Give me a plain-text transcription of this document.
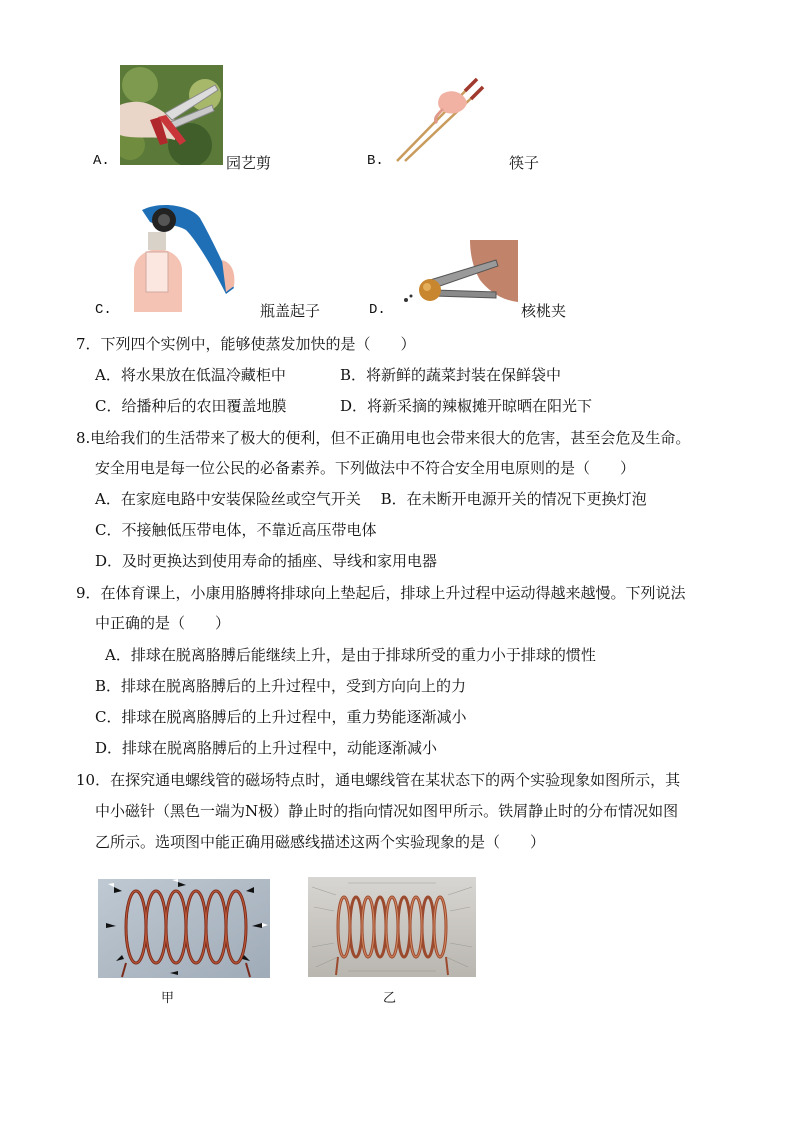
A.	园艺剪	B.	筷子
C.	瓶盖起子	D.	核桃夹
7．下列四个实例中，能够使蒸发加快的是（　　）
A．将水果放在低温冷藏柜中	B．将新鲜的蔬菜封装在保鲜袋中
C．给播种后的农田覆盖地膜	D．将新采摘的辣椒摊开晾晒在阳光下
8.电给我们的生活带来了极大的便利，但不正确用电也会带来很大的危害，甚至会危及生命。
安全用电是每一位公民的必备素养。下列做法中不符合安全用电原则的是（　　）
A．在家庭电路中安装保险丝或空气开关　 B．在未断开电源开关的情况下更换灯泡
C．不接触低压带电体，不靠近高压带电体
D．及时更换达到使用寿命的插座、导线和家用电器
9．在体育课上，小康用胳膊将排球向上垫起后，排球上升过程中运动得越来越慢。下列说法
中正确的是（　　）
A．排球在脱离胳膊后能继续上升，是由于排球所受的重力小于排球的惯性
B．排球在脱离胳膊后的上升过程中，受到方向向上的力
C．排球在脱离胳膊后的上升过程中，重力势能逐渐减小
D．排球在脱离胳膊后的上升过程中，动能逐渐减小
10．在探究通电螺线管的磁场特点时，通电螺线管在某状态下的两个实验现象如图所示，其
中小磁针（黑色一端为N极）静止时的指向情况如图甲所示。铁屑静止时的分布情况如图
乙所示。选项图中能正确用磁感线描述这两个实验现象的是（　　）
甲	乙
